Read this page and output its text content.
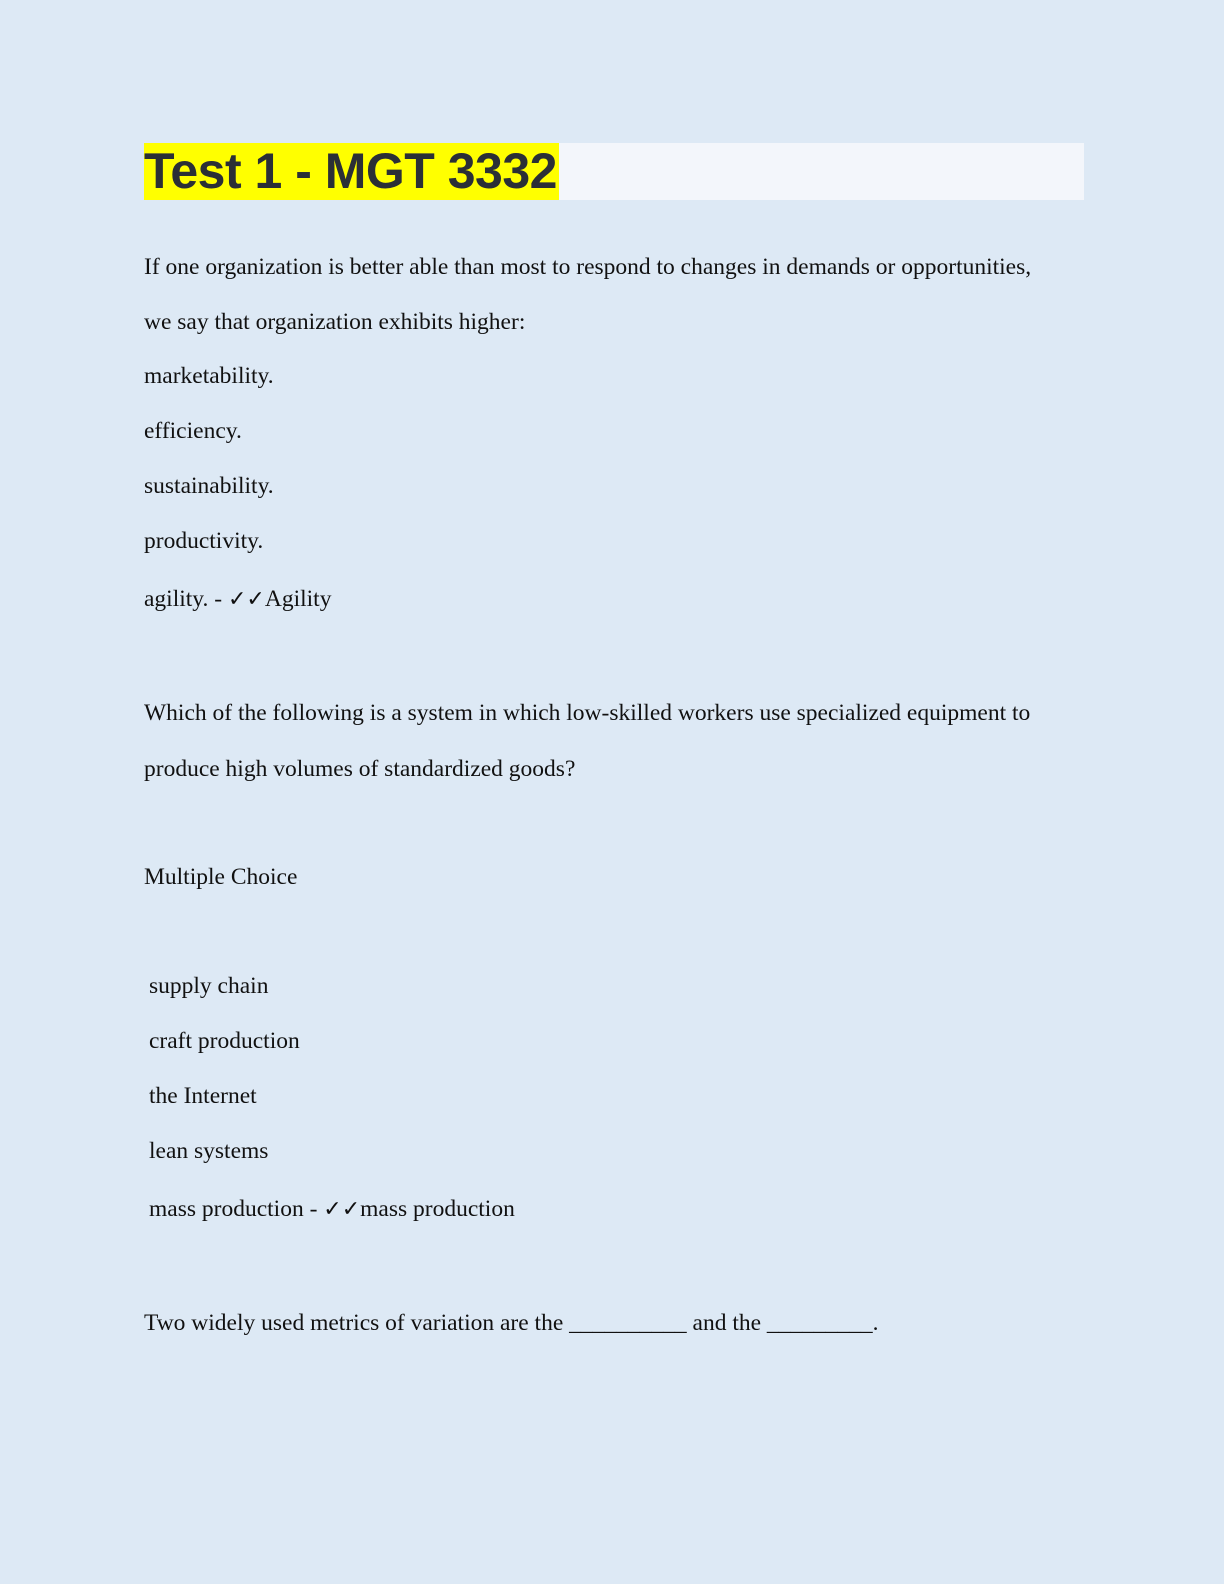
Test 1 - MGT 3332
If one organization is better able than most to respond to changes in demands or opportunities,
we say that organization exhibits higher:
marketability.
efficiency.
sustainability.
productivity.
agility. - ✓✓Agility
Which of the following is a system in which low-skilled workers use specialized equipment to
produce high volumes of standardized goods?
Multiple Choice
supply chain
craft production
the Internet
lean systems
mass production - ✓✓mass production
Two widely used metrics of variation are the __________ and the _________.
